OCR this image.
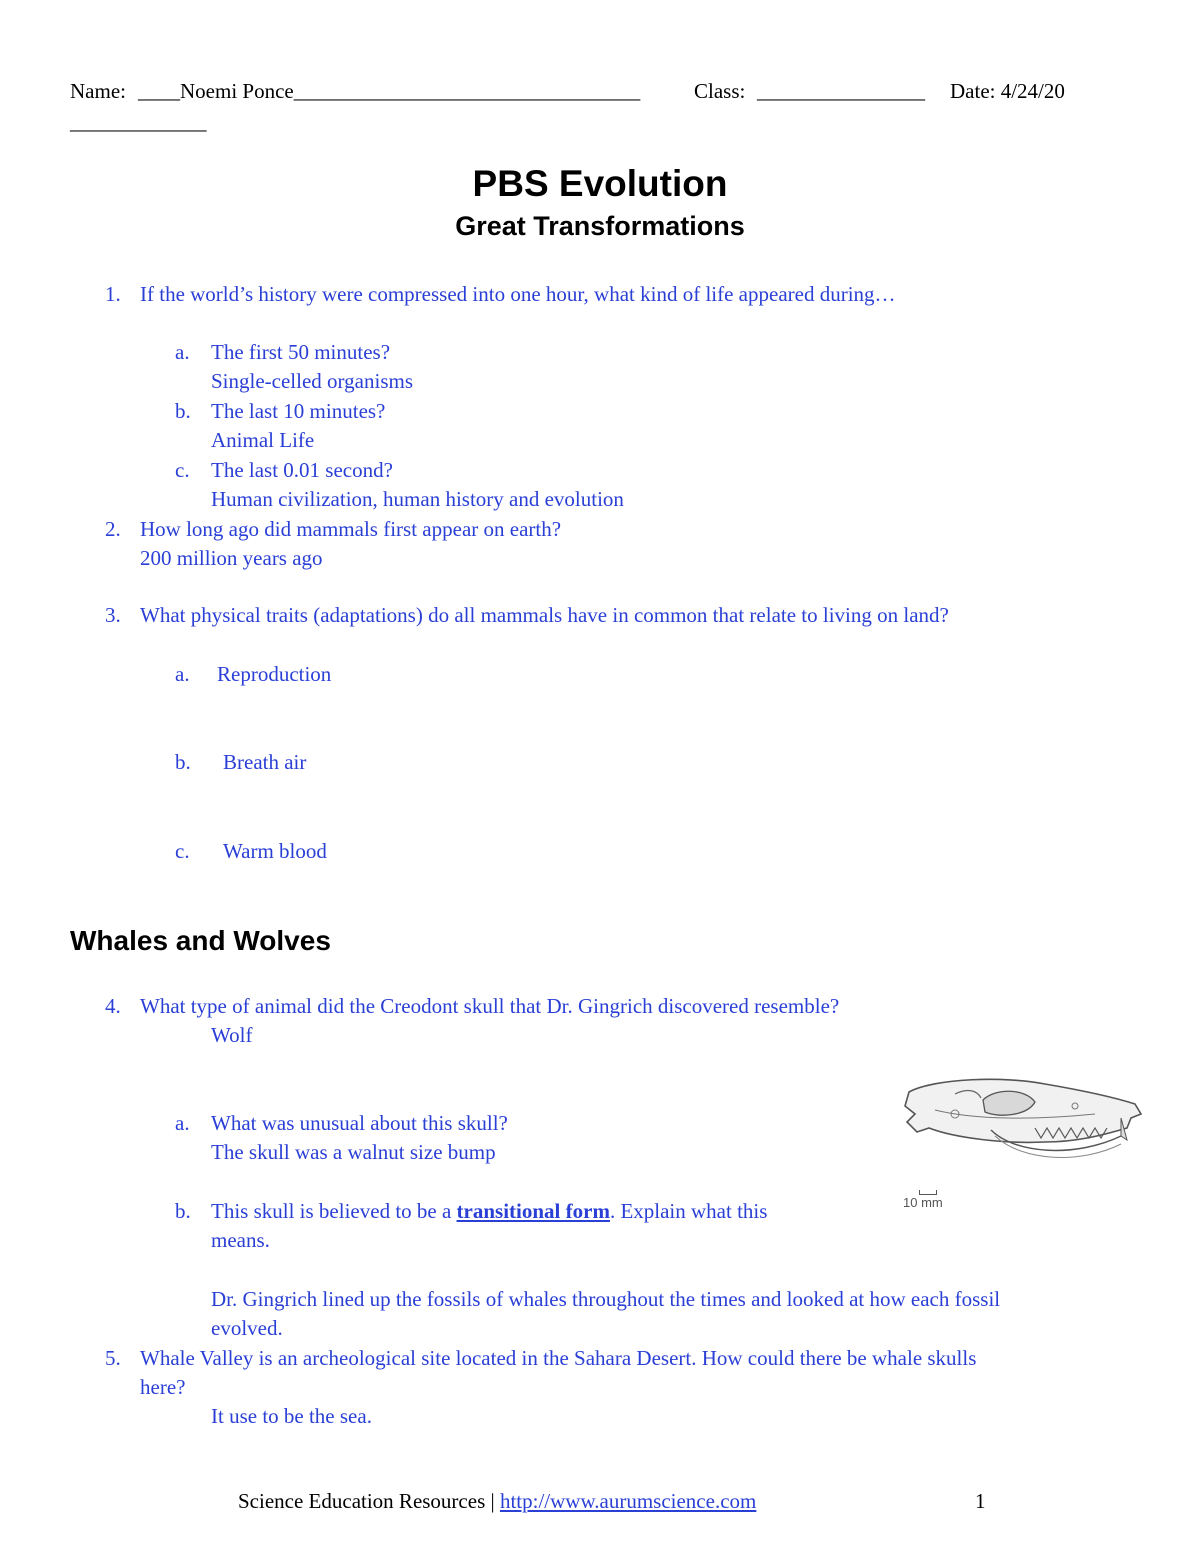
Name: ____Noemi Ponce_________________________________	Class: ________________ Date: 4/24/20
_____________
PBS Evolution
Great Transformations
1. If the world’s history were compressed into one hour, what kind of life appeared during…
a. The first 50 minutes?
Single-celled organisms
b. The last 10 minutes?
Animal Life
c. The last 0.01 second?
Human civilization, human history and evolution
2. How long ago did mammals first appear on earth?
200 million years ago
3. What physical traits (adaptations) do all mammals have in common that relate to living on land?
a. Reproduction
b. Breath air
c. Warm blood
Whales and Wolves
4. What type of animal did the Creodont skull that Dr. Gingrich discovered resemble?
Wolf
a. What was unusual about this skull?
The skull was a walnut size bump
b. This skull is believed to be a transitional form. Explain what this
means.
Dr. Gingrich lined up the fossils of whales throughout the times and looked at how each fossil
evolved.
10 mm
5. Whale Valley is an archeological site located in the Sahara Desert. How could there be whale skulls
here?
It use to be the sea.
Science Education Resources | http://www.aurumscience.com	1
